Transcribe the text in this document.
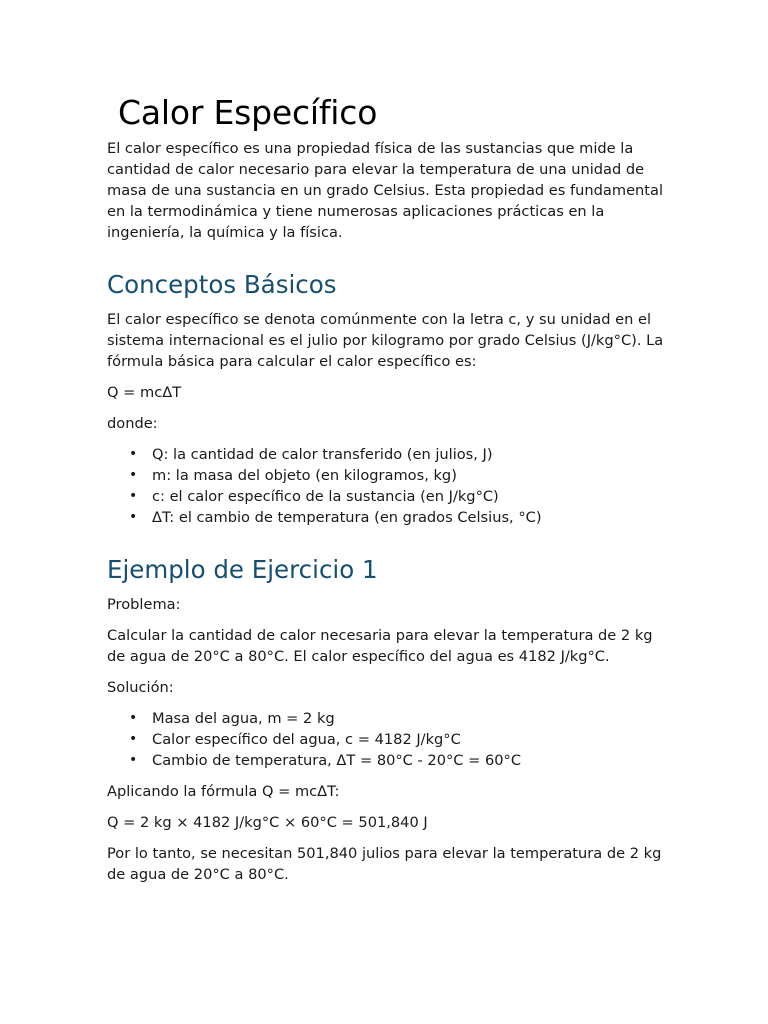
Calor Específico

El calor específico es una propiedad física de las sustancias que mide la cantidad de calor necesario para elevar la temperatura de una unidad de masa de una sustancia en un grado Celsius. Esta propiedad es fundamental en la termodinámica y tiene numerosas aplicaciones prácticas en la ingeniería, la química y la física.

Conceptos Básicos

El calor específico se denota comúnmente con la letra c, y su unidad en el sistema internacional es el julio por kilogramo por grado Celsius (J/kg°C). La fórmula básica para calcular el calor específico es:

Q = mcΔT

donde:

• Q: la cantidad de calor transferido (en julios, J)
• m: la masa del objeto (en kilogramos, kg)
• c: el calor específico de la sustancia (en J/kg°C)
• ΔT: el cambio de temperatura (en grados Celsius, °C)
Ejemplo de Ejercicio 1

Problema:

Calcular la cantidad de calor necesaria para elevar la temperatura de 2 kg de agua de 20°C a 80°C. El calor específico del agua es 4182 J/kg°C.

Solución:

• Masa del agua, m = 2 kg
• Calor específico del agua, c = 4182 J/kg°C
• Cambio de temperatura, ΔT = 80°C - 20°C = 60°C

Aplicando la fórmula Q = mcΔT:

Q = 2 kg × 4182 J/kg°C × 60°C = 501,840 J

Por lo tanto, se necesitan 501,840 julios para elevar la temperatura de 2 kg de agua de 20°C a 80°C.
